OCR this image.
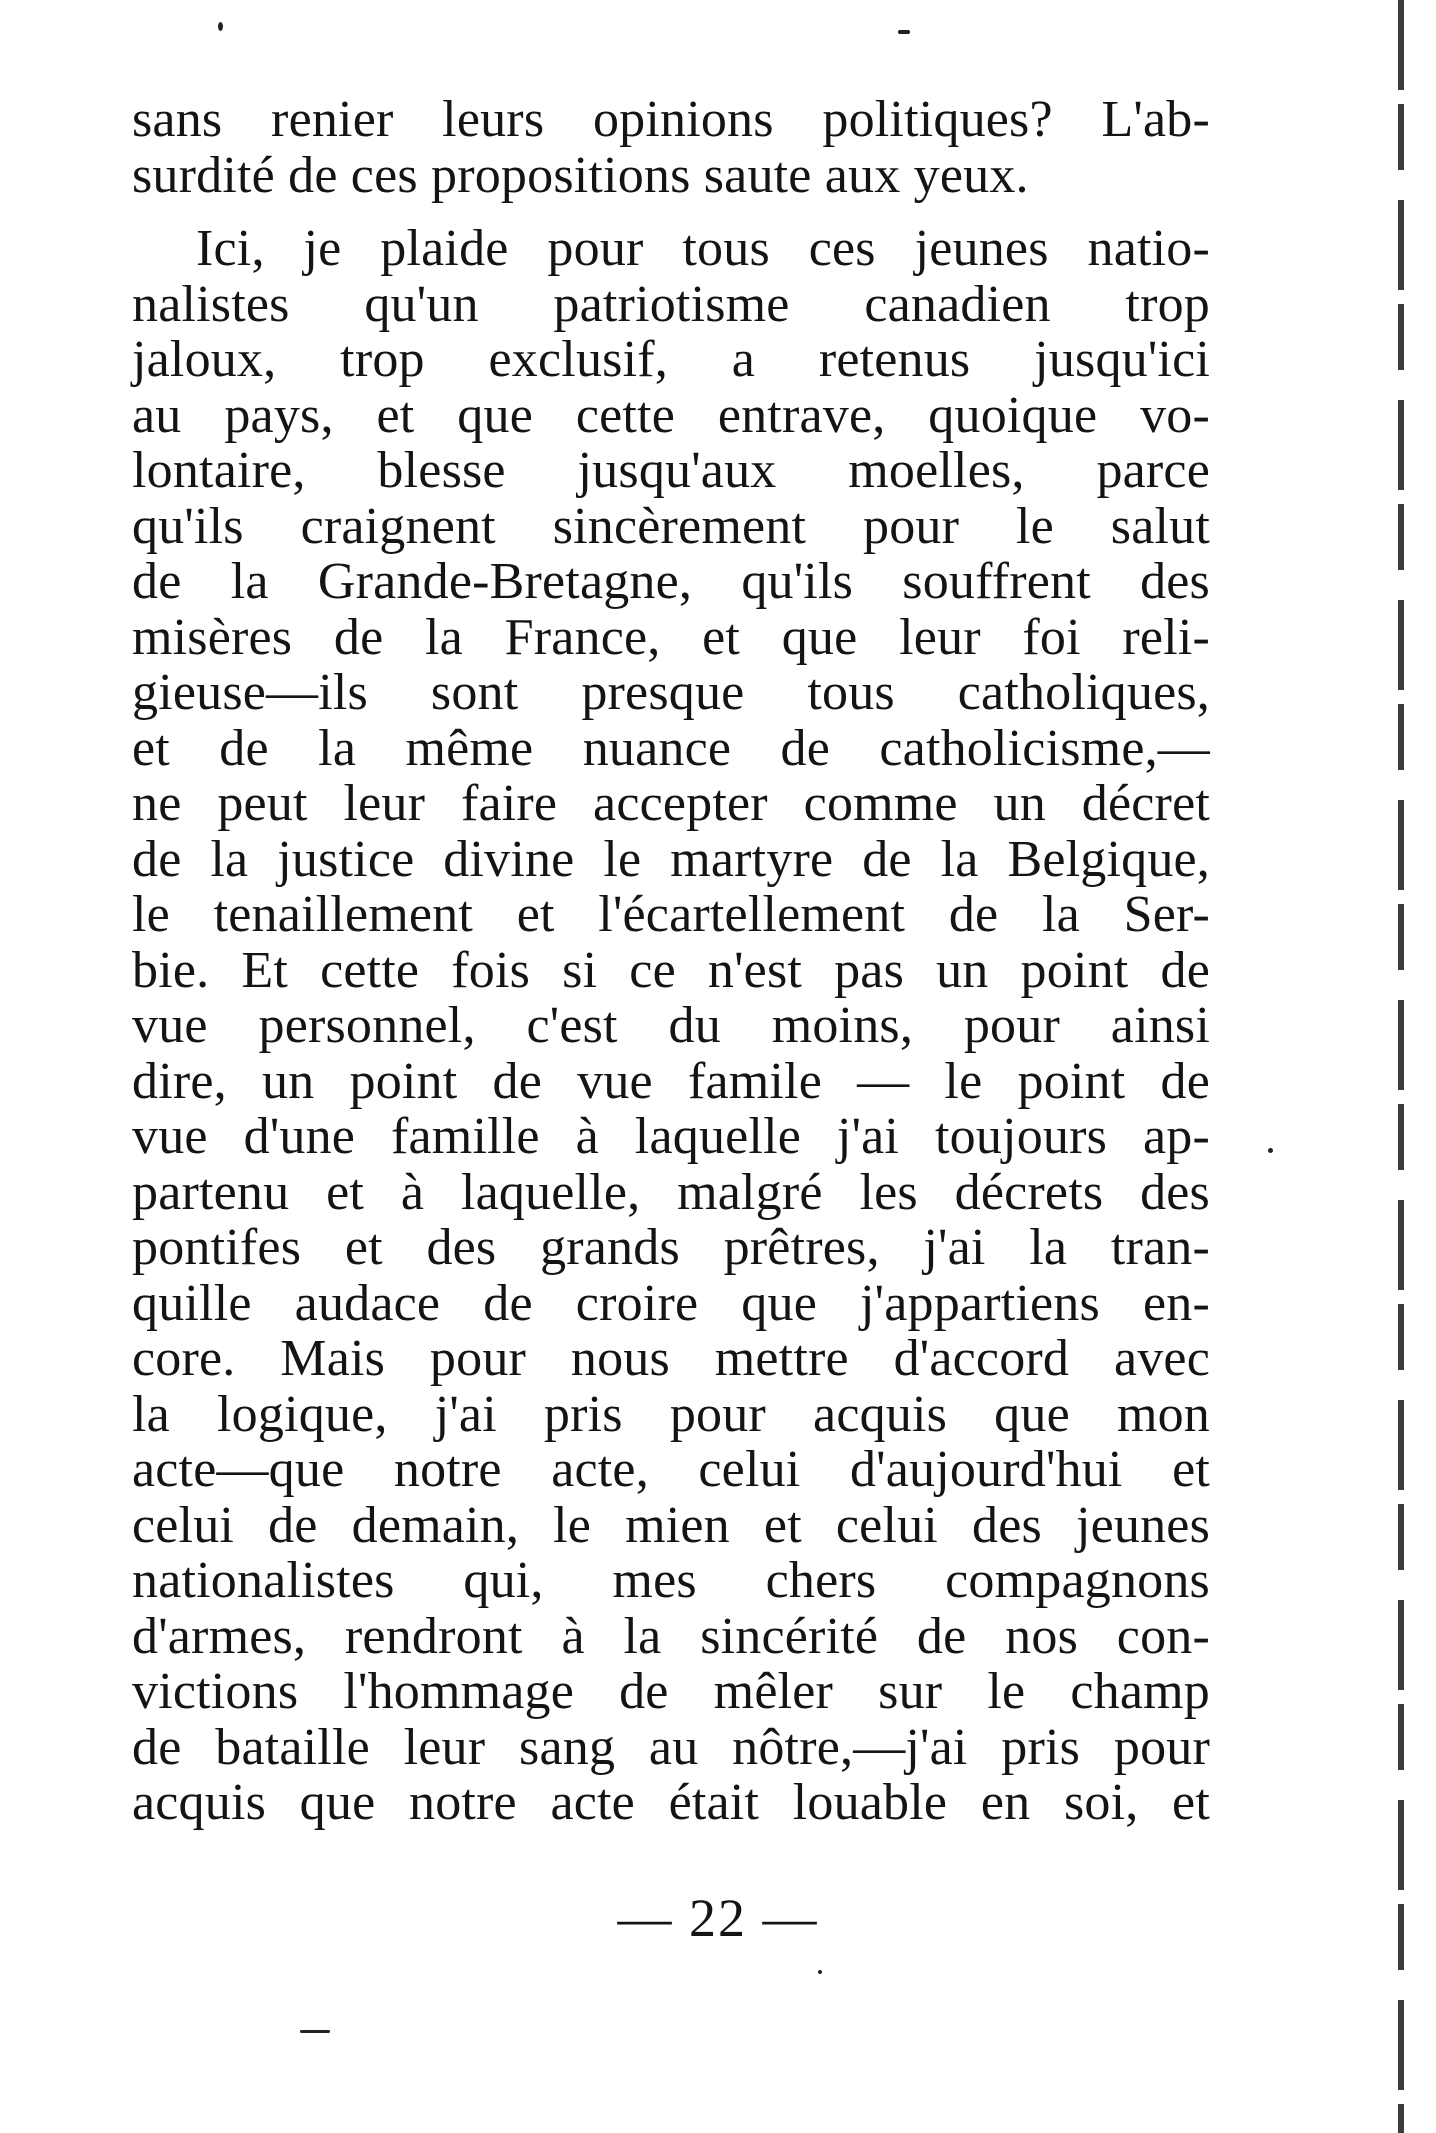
sans renier leurs opinions politiques? L'ab-
surdité de ces propositions saute aux yeux.
Ici, je plaide pour tous ces jeunes natio-
nalistes qu'un patriotisme canadien trop
jaloux, trop exclusif, a retenus jusqu'ici
au pays, et que cette entrave, quoique vo-
lontaire, blesse jusqu'aux moelles, parce
qu'ils craignent sincèrement pour le salut
de la Grande-Bretagne, qu'ils souffrent des
misères de la France, et que leur foi reli-
gieuse—ils sont presque tous catholiques,
et de la même nuance de catholicisme,—
ne peut leur faire accepter comme un décret
de la justice divine le martyre de la Belgique,
le tenaillement et l'écartellement de la Ser-
bie. Et cette fois si ce n'est pas un point de
vue personnel, c'est du moins, pour ainsi
dire, un point de vue famile — le point de
vue d'une famille à laquelle j'ai toujours ap-
partenu et à laquelle, malgré les décrets des
pontifes et des grands prêtres, j'ai la tran-
quille audace de croire que j'appartiens en-
core. Mais pour nous mettre d'accord avec
la logique, j'ai pris pour acquis que mon
acte—que notre acte, celui d'aujourd'hui et
celui de demain, le mien et celui des jeunes
nationalistes qui, mes chers compagnons
d'armes, rendront à la sincérité de nos con-
victions l'hommage de mêler sur le champ
de bataille leur sang au nôtre,—j'ai pris pour
acquis que notre acte était louable en soi, et
— 22 —
